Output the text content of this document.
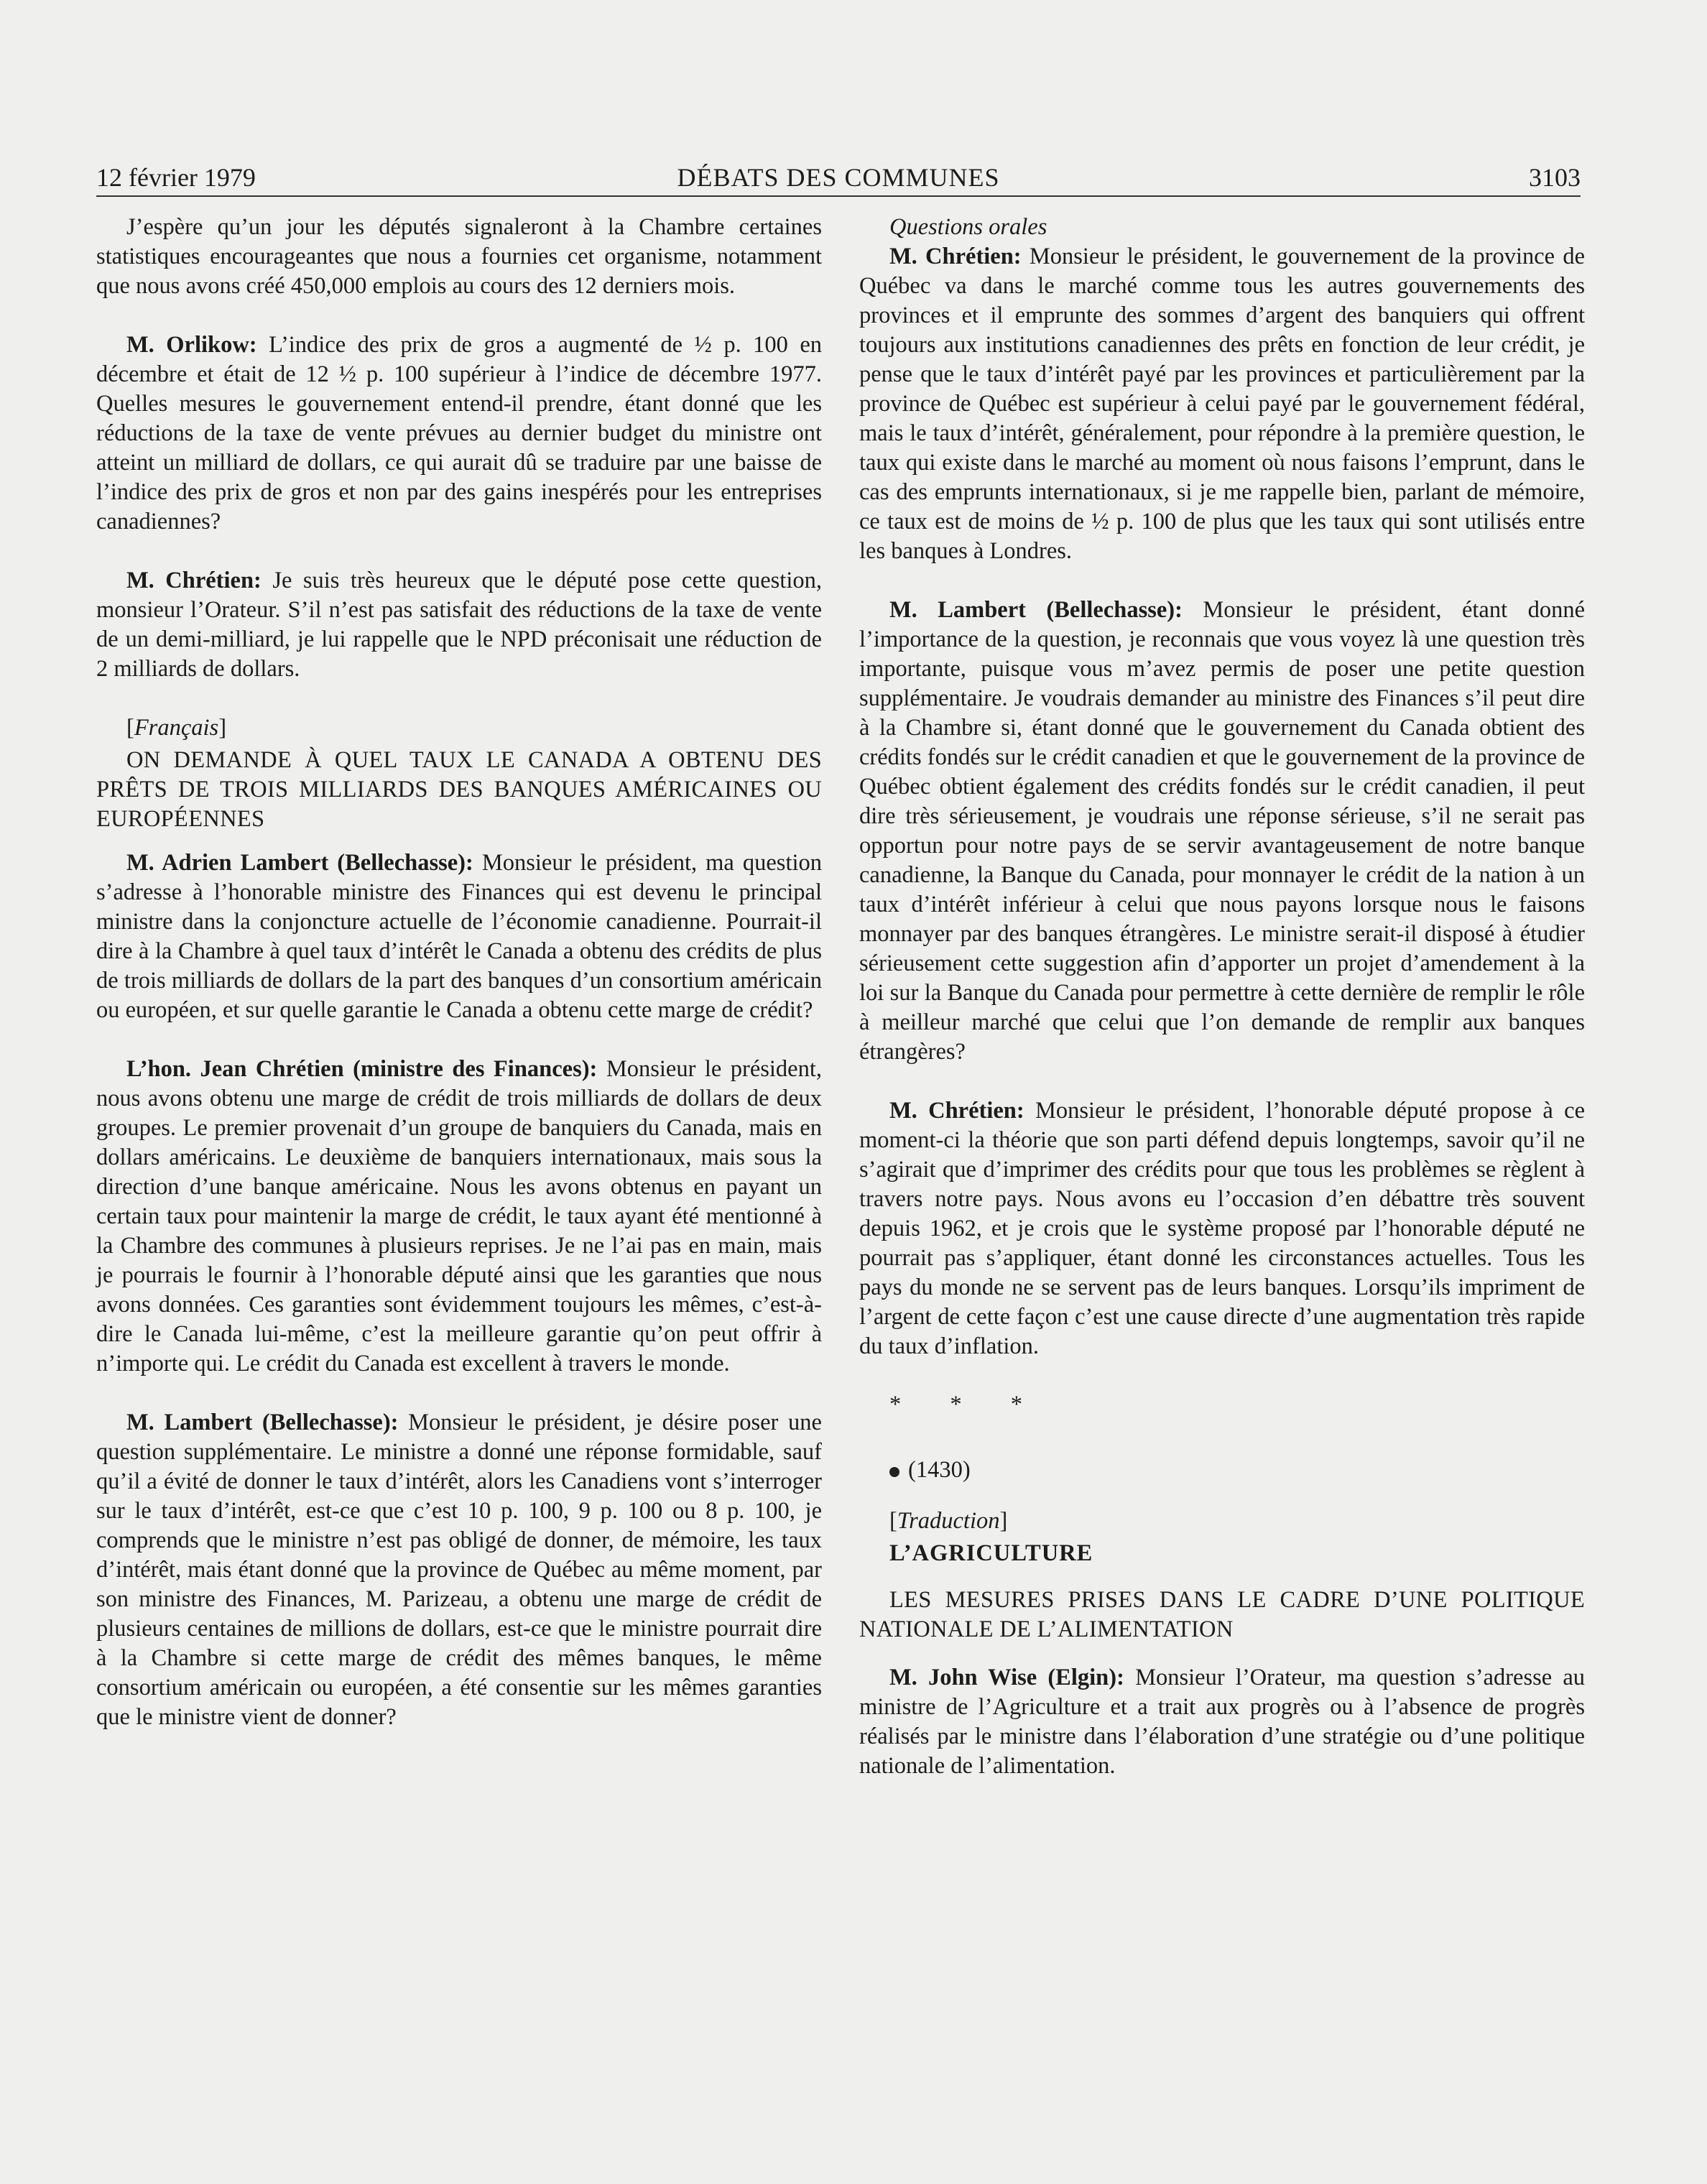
12 février 1979	DÉBATS DES COMMUNES	3103

J’espère qu’un jour les députés signaleront à la Chambre certaines statistiques encourageantes que nous a fournies cet organisme, notamment que nous avons créé 450,000 emplois au cours des 12 derniers mois.

M. Orlikow: L’indice des prix de gros a augmenté de ½ p. 100 en décembre et était de 12 ½ p. 100 supérieur à l’indice de décembre 1977. Quelles mesures le gouvernement entend-il prendre, étant donné que les réductions de la taxe de vente prévues au dernier budget du ministre ont atteint un milliard de dollars, ce qui aurait dû se traduire par une baisse de l’indice des prix de gros et non par des gains inespérés pour les entreprises canadiennes?

M. Chrétien: Je suis très heureux que le député pose cette question, monsieur l’Orateur. S’il n’est pas satisfait des réductions de la taxe de vente de un demi-milliard, je lui rappelle que le NPD préconisait une réduction de 2 milliards de dollars.

[Français]

ON DEMANDE À QUEL TAUX LE CANADA A OBTENU DES PRÊTS DE TROIS MILLIARDS DES BANQUES AMÉRICAINES OU EUROPÉENNES

M. Adrien Lambert (Bellechasse): Monsieur le président, ma question s’adresse à l’honorable ministre des Finances qui est devenu le principal ministre dans la conjoncture actuelle de l’économie canadienne. Pourrait-il dire à la Chambre à quel taux d’intérêt le Canada a obtenu des crédits de plus de trois milliards de dollars de la part des banques d’un consortium américain ou européen, et sur quelle garantie le Canada a obtenu cette marge de crédit?

L’hon. Jean Chrétien (ministre des Finances): Monsieur le président, nous avons obtenu une marge de crédit de trois milliards de dollars de deux groupes. Le premier provenait d’un groupe de banquiers du Canada, mais en dollars américains. Le deuxième de banquiers internationaux, mais sous la direction d’une banque américaine. Nous les avons obtenus en payant un certain taux pour maintenir la marge de crédit, le taux ayant été mentionné à la Chambre des communes à plusieurs reprises. Je ne l’ai pas en main, mais je pourrais le fournir à l’honorable député ainsi que les garanties que nous avons données. Ces garanties sont évidemment toujours les mêmes, c’est-à-dire le Canada lui-même, c’est la meilleure garantie qu’on peut offrir à n’importe qui. Le crédit du Canada est excellent à travers le monde.

M. Lambert (Bellechasse): Monsieur le président, je désire poser une question supplémentaire. Le ministre a donné une réponse formidable, sauf qu’il a évité de donner le taux d’intérêt, alors les Canadiens vont s’interroger sur le taux d’intérêt, est-ce que c’est 10 p. 100, 9 p. 100 ou 8 p. 100, je comprends que le ministre n’est pas obligé de donner, de mémoire, les taux d’intérêt, mais étant donné que la province de Québec au même moment, par son ministre des Finances, M. Parizeau, a obtenu une marge de crédit de plusieurs centaines de millions de dollars, est-ce que le ministre pourrait dire à la Chambre si cette marge de crédit des mêmes banques, le même consortium américain ou européen, a été consentie sur les mêmes garanties que le ministre vient de donner?

Questions orales

M. Chrétien: Monsieur le président, le gouvernement de la province de Québec va dans le marché comme tous les autres gouvernements des provinces et il emprunte des sommes d’argent des banquiers qui offrent toujours aux institutions canadiennes des prêts en fonction de leur crédit, je pense que le taux d’intérêt payé par les provinces et particulièrement par la province de Québec est supérieur à celui payé par le gouvernement fédéral, mais le taux d’intérêt, généralement, pour répondre à la première question, le taux qui existe dans le marché au moment où nous faisons l’emprunt, dans le cas des emprunts internationaux, si je me rappelle bien, parlant de mémoire, ce taux est de moins de ½ p. 100 de plus que les taux qui sont utilisés entre les banques à Londres.

M. Lambert (Bellechasse): Monsieur le président, étant donné l’importance de la question, je reconnais que vous voyez là une question très importante, puisque vous m’avez permis de poser une petite question supplémentaire. Je voudrais demander au ministre des Finances s’il peut dire à la Chambre si, étant donné que le gouvernement du Canada obtient des crédits fondés sur le crédit canadien et que le gouvernement de la province de Québec obtient également des crédits fondés sur le crédit canadien, il peut dire très sérieusement, je voudrais une réponse sérieuse, s’il ne serait pas opportun pour notre pays de se servir avantageusement de notre banque canadienne, la Banque du Canada, pour monnayer le crédit de la nation à un taux d’intérêt inférieur à celui que nous payons lorsque nous le faisons monnayer par des banques étrangères. Le ministre serait-il disposé à étudier sérieusement cette suggestion afin d’apporter un projet d’amendement à la loi sur la Banque du Canada pour permettre à cette dernière de remplir le rôle à meilleur marché que celui que l’on demande de remplir aux banques étrangères?

M. Chrétien: Monsieur le président, l’honorable député propose à ce moment-ci la théorie que son parti défend depuis longtemps, savoir qu’il ne s’agirait que d’imprimer des crédits pour que tous les problèmes se règlent à travers notre pays. Nous avons eu l’occasion d’en débattre très souvent depuis 1962, et je crois que le système proposé par l’honorable député ne pourrait pas s’appliquer, étant donné les circonstances actuelles. Tous les pays du monde ne se servent pas de leurs banques. Lorsqu’ils impriment de l’argent de cette façon c’est une cause directe d’une augmentation très rapide du taux d’inflation.

* * *

(1430)

[Traduction]

L’AGRICULTURE

LES MESURES PRISES DANS LE CADRE D’UNE POLITIQUE NATIONALE DE L’ALIMENTATION

M. John Wise (Elgin): Monsieur l’Orateur, ma question s’adresse au ministre de l’Agriculture et a trait aux progrès ou à l’absence de progrès réalisés par le ministre dans l’élaboration d’une stratégie ou d’une politique nationale de l’alimentation.
